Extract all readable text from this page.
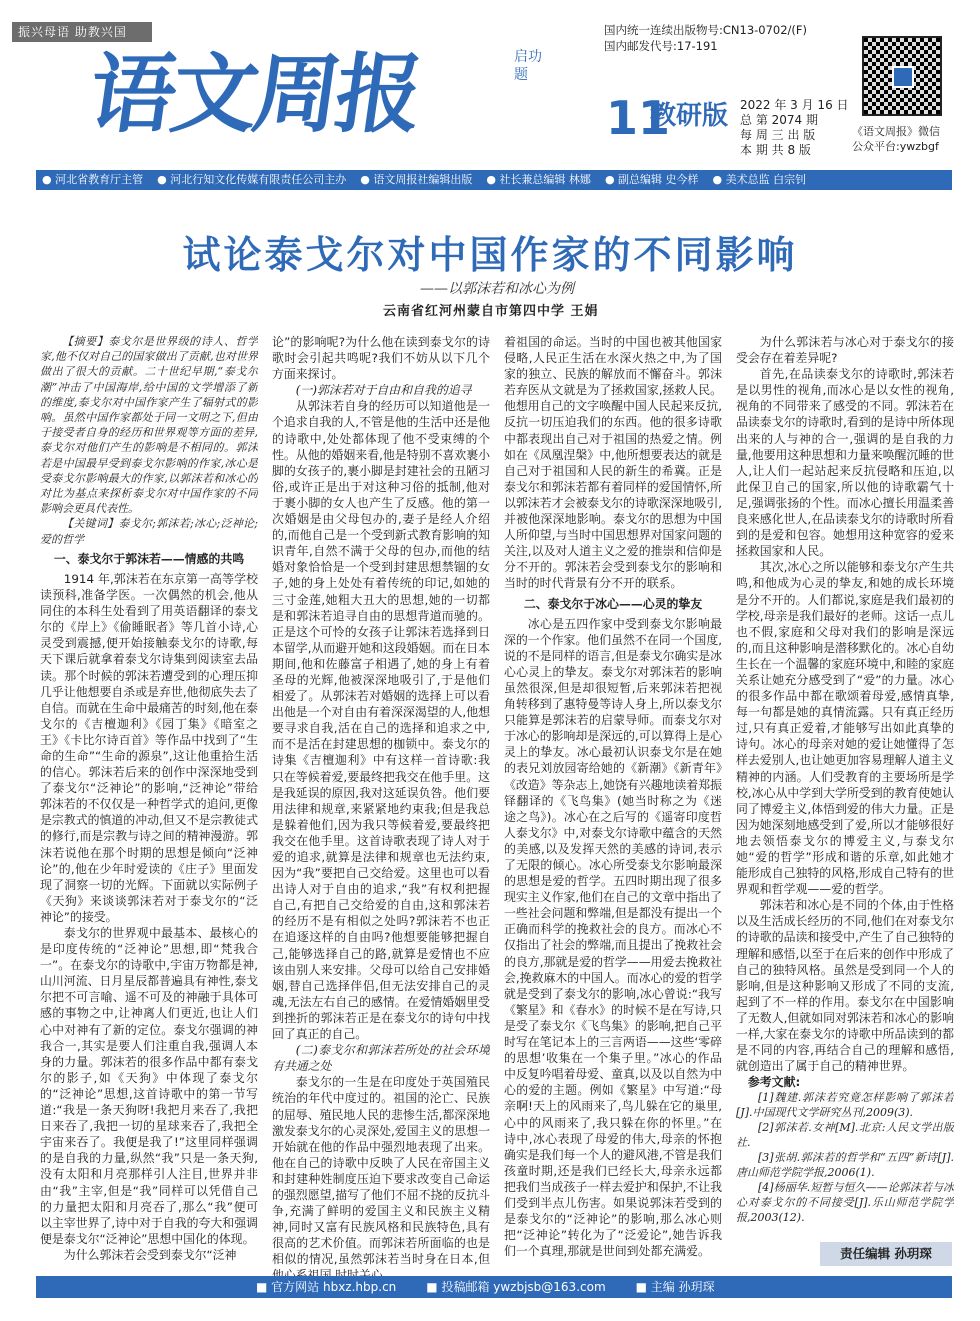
振兴母语 助教兴国
语文周报	启功题
国内统一连续出版物号:CN13-0702/(F)
国内邮发代号:17-191
11
教研版 2022 年 3 月 16 日
总 第 2074 期
每 周 三 出 版
本 期 共 8 版
《语文周报》微信
公众平台:ywzbgf
● 河北省教育厅主管	● 河北行知文化传媒有限责任公司主办	● 语文周报社编辑出版	● 社长兼总编辑 林娜	● 副总编辑 史今样	● 美术总监 白宗钊
试论泰戈尔对中国作家的不同影响
——以郭沫若和冰心为例
云南省红河州蒙自市第四中学 王娟

【摘要】泰戈尔是世界级的诗人、哲学家,他不仅对自己的国家做出了贡献,也对世界做出了很大的贡献。二十世纪早期,“泰戈尔潮”冲击了中国海岸,给中国的文学增添了新的维度,泰戈尔对中国作家产生了辐射式的影响。虽然中国作家都处于同一文明之下,但由于接受者自身的经历和世界观等方面的差异,泰戈尔对他们产生的影响是不相同的。郭沫若是中国最早受到泰戈尔影响的作家,冰心是受泰戈尔影响最大的作家,以郭沫若和冰心的对比为基点来探析泰戈尔对中国作家的不同影响会更具代表性。

【关键词】泰戈尔;郭沫若;冰心;泛神论;爱的哲学

一、泰戈尔于郭沫若——情感的共鸣

1914 年,郭沫若在东京第一高等学校读预科,准备学医。一次偶然的机会,他从同住的本科生处看到了用英语翻译的泰戈尔的《岸上》《偷睡眠者》等几首小诗,心灵受到震撼,便开始接触泰戈尔的诗歌,每天下课后就拿着泰戈尔诗集到阅读室去品读。那个时候的郭沫若遭受到的心理压抑几乎让他想要自杀或是弃世,他彻底失去了自信。而就在生命中最痛苦的时刻,他在泰戈尔的《吉檀迦利》《园丁集》《暗室之王》《卡比尔诗百首》等作品中找到了“生命的生命”“生命的源泉”,这让他重拾生活的信心。郭沫若后来的创作中深深地受到了泰戈尔“泛神论”的影响,“泛神论”带给郭沫若的不仅仅是一种哲学式的追问,更像是宗教式的慎道的冲动,但又不是宗教徒式的修行,而是宗教与诗之间的精神漫游。郭沫若说他在那个时期的思想是倾向“泛神论”的,他在少年时爱读的《庄子》里面发现了洞察一切的光辉。下面就以实际例子《天狗》来谈谈郭沫若对于泰戈尔的“泛神论”的接受。

泰戈尔的世界观中最基本、最核心的是印度传统的“泛神论”思想,即“梵我合一”。在泰戈尔的诗歌中,宇宙万物都是神,山川河流、日月星辰都普遍具有神性,泰戈尔把不可言喻、遥不可及的神融于具体可感的事物之中,让神离人们更近,也让人们心中对神有了新的定位。泰戈尔强调的神我合一,其实是要人们注重自我,强调人本身的力量。郭沫若的很多作品中都有泰戈尔的影子,如《天狗》中体现了泰戈尔的“泛神论”思想,这首诗歌中的第一节写道:“我是一条天狗呀!我把月来吞了,我把日来吞了,我把一切的星球来吞了,我把全宇宙来吞了。我便是我了!”这里同样强调的是自我的力量,纵然“我”只是一条天狗,没有太阳和月亮那样引人注目,世界并非由“我”主宰,但是“我”同样可以凭借自己的力量把太阳和月亮吞了,那么“我”便可以主宰世界了,诗中对于自我的夸大和强调便是泰戈尔“泛神论”思想中国化的体现。

为什么郭沫若会受到泰戈尔“泛神

论”的影响呢?为什么他在读到泰戈尔的诗歌时会引起共鸣呢?我们不妨从以下几个方面来探讨。

(一)郭沫若对于自由和自我的追寻

从郭沫若自身的经历可以知道他是一个追求自我的人,不管是他的生活中还是他的诗歌中,处处都体现了他不受束缚的个性。从他的婚姻来看,他是特别不喜欢裹小脚的女孩子的,裹小脚是封建社会的丑陋习俗,或许正是出于对这种习俗的抵制,他对于裹小脚的女人也产生了反感。他的第一次婚姻是由父母包办的,妻子是经人介绍的,而他自己是一个受到新式教育影响的知识青年,自然不满于父母的包办,而他的结婚对象恰恰是一个受到封建思想禁锢的女子,她的身上处处有着传统的印记,如她的三寸金莲,她粗大丑大的思想,她的一切都是和郭沫若追寻自由的思想背道而驰的。正是这个可怜的女孩子让郭沫若选择到日本留学,从而避开她和这段婚姻。而在日本期间,他和佐藤富子相遇了,她的身上有着圣母的光辉,他被深深地吸引了,于是他们相爱了。从郭沫若对婚姻的选择上可以看出他是一个对自由有着深深渴望的人,他想要寻求自我,活在自己的选择和追求之中,而不是活在封建思想的枷锁中。泰戈尔的诗集《吉檀迦利》中有这样一首诗歌:我只在等候着爱,要最终把我交在他手里。这是我延误的原因,我对这延误负咎。他们要用法律和规章,来紧紧地约束我;但是我总是躲着他们,因为我只等候着爱,要最终把我交在他手里。这首诗歌表现了诗人对于爱的追求,就算是法律和规章也无法约束,因为“我”要把自己交给爱。这里也可以看出诗人对于自由的追求,“我”有权利把握自己,有把自己交给爱的自由,这和郭沫若的经历不是有相似之处吗?郭沫若不也正在追逐这样的自由吗?他想要能够把握自己,能够选择自己的路,就算是爱情也不应该由别人来安排。父母可以给自己安排婚姻,替自己选择伴侣,但无法安排自己的灵魂,无法左右自己的感情。在爱情婚姻里受到挫折的郭沫若正是在泰戈尔的诗句中找回了真正的自己。

(二)泰戈尔和郭沫若所处的社会环境有共通之处

泰戈尔的一生是在印度处于英国殖民统治的年代中度过的。祖国的沦亡、民族的屈辱、殖民地人民的悲惨生活,都深深地激发泰戈尔的心灵深处,爱国主义的思想一开始就在他的作品中强烈地表现了出来。他在自己的诗歌中反映了人民在帝国主义和封建种姓制度压迫下要求改变自己命运的强烈愿望,描写了他们不屈不挠的反抗斗争,充满了鲜明的爱国主义和民族主义精神,同时又富有民族风格和民族特色,具有很高的艺术价值。而郭沫若所面临的也是相似的情况,虽然郭沫若当时身在日本,但

着祖国的命运。当时的中国也被其他国家侵略,人民正生活在水深火热之中,为了国家的独立、民族的解放而不懈奋斗。郭沫若弃医从文就是为了拯救国家,拯救人民。他想用自己的文字唤醒中国人民起来反抗,反抗一切压迫我们的东西。他的很多诗歌中都表现出自己对于祖国的热爱之情。例如在《凤凰涅槃》中,他所想要表达的就是自己对于祖国和人民的新生的希冀。正是泰戈尔和郭沫若都有着同样的爱国情怀,所以郭沫若才会被泰戈尔的诗歌深深地吸引,并被他深深地影响。泰戈尔的思想为中国人所仰望,与当时中国思想界对国家问题的关注,以及对人道主义之爱的推崇和信仰是分不开的。郭沫若会受到泰戈尔的影响和当时的时代背景有分不开的联系。

二、泰戈尔于冰心——心灵的挚友

冰心是五四作家中受到泰戈尔影响最深的一个作家。他们虽然不在同一个国度,说的不是同样的语言,但是泰戈尔确实是冰心心灵上的挚友。泰戈尔对郭沫若的影响虽然很深,但是却很短暂,后来郭沫若把视角转移到了惠特曼等诗人身上,所以泰戈尔只能算是郭沫若的启蒙导师。而泰戈尔对于冰心的影响却是深远的,可以算得上是心灵上的挚友。冰心最初认识泰戈尔是在她的表兄刘放园寄给她的《新潮》《新青年》《改造》等杂志上,她饶有兴趣地读着郑振铎翻译的《飞鸟集》(她当时称之为《迷途之鸟》)。冰心在之后写的《遥寄印度哲人泰戈尔》中,对泰戈尔诗歌中蕴含的天然的美感,以及发挥天然的美感的诗词,表示了无限的倾心。冰心所受泰戈尔影响最深的思想是爱的哲学。五四时期出现了很多现实主义作家,他们在自己的文章中指出了一些社会问题和弊端,但是都没有提出一个正确而科学的挽救社会的良方。而冰心不仅指出了社会的弊端,而且提出了挽救社会的良方,那就是爱的哲学——用爱去挽救社会,挽救麻木的中国人。而冰心的爱的哲学就是受到了泰戈尔的影响,冰心曾说:“我写《繁星》和《春水》的时候不是在写诗,只是受了泰戈尔《飞鸟集》的影响,把自己平时写在笔记本上的三言两语——这些‘零碎的思想’收集在一个集子里。”冰心的作品中反复吟唱着母爱、童真,以及以自然为中心的爱的主题。例如《繁星》中写道:“母亲啊!天上的风雨来了,鸟儿躲在它的巢里,心中的风雨来了,我只躲在你的怀里。”在诗中,冰心表现了母爱的伟大,母亲的怀抱确实是我们每一个人的避风港,不管是我们孩童时期,还是我们已经长大,母亲永远都把我们当成孩子一样去爱护和保护,不让我们受到半点儿伤害。如果说郭沫若受到的是泰戈尔的“泛神论”的影响,那么冰心则把“泛神论”转化为了“泛爱论”,她告诉我们一个真理,那就是世间到处都充满爱。

为什么郭沫若与冰心对于泰戈尔的接受会存在着差异呢?

首先,在品读泰戈尔的诗歌时,郭沫若是以男性的视角,而冰心是以女性的视角,视角的不同带来了感受的不同。郭沫若在品读泰戈尔的诗歌时,看到的是诗中所体现出来的人与神的合一,强调的是自我的力量,他要用这种思想和力量来唤醒沉睡的世人,让人们一起站起来反抗侵略和压迫,以此保卫自己的国家,所以他的诗歌霸气十足,强调张扬的个性。而冰心擅长用温柔善良来感化世人,在品读泰戈尔的诗歌时所看到的是爱和包容。她想用这种宽容的爱来拯救国家和人民。

其次,冰心之所以能够和泰戈尔产生共鸣,和他成为心灵的挚友,和她的成长环境是分不开的。人们都说,家庭是我们最初的学校,母亲是我们最好的老师。这话一点儿也不假,家庭和父母对我们的影响是深远的,而且这种影响是潜移默化的。冰心自幼生长在一个温馨的家庭环境中,和睦的家庭关系让她充分感受到了“爱”的力量。冰心的很多作品中都在歌颂着母爱,感情真挚,每一句都是她的真情流露。只有真正经历过,只有真正爱着,才能够写出如此真挚的诗句。冰心的母亲对她的爱让她懂得了怎样去爱别人,也让她更加容易理解人道主义精神的内涵。人们受教育的主要场所是学校,冰心从中学到大学所受到的教育使她认同了博爱主义,体悟到爱的伟大力量。正是因为她深刻地感受到了爱,所以才能够很好地去领悟泰戈尔的博爱主义,与泰戈尔她“爱的哲学”形成和谐的乐章,如此她才能形成自己独特的风格,形成自己特有的世界观和哲学观——爱的哲学。

郭沫若和冰心是不同的个体,由于性格以及生活成长经历的不同,他们在对泰戈尔的诗歌的品读和接受中,产生了自己独特的理解和感悟,以至于在后来的创作中形成了自己的独特风格。虽然是受到同一个人的影响,但是这种影响又形成了不同的支流,起到了不一样的作用。泰戈尔在中国影响了无数人,但就如同对郭沫若和冰心的影响一样,大家在泰戈尔的诗歌中所品读到的都是不同的内容,再结合自己的理解和感悟,就创造出了属于自己的精神世界。

参考文献:

[1]魏建.郭沫若究竟怎样影响了郭沫若[J].中国现代文学研究丛刊,2009(3).

[2]郭沫若.女神[M].北京:人民文学出版社.

[3]张胡.郭沫若的哲学和“五四”新诗[J].唐山师范学院学报,2006(1).

[4]杨丽华.短暂与恒久——论郭沫若与冰心对泰戈尔的不同接受[J].乐山师范学院学报,2003(12).

责任编辑 孙玥琛
■ 官方网站 hbxz.hbp.cn	■ 投稿邮箱 ywzbjsb@163.com	■ 主编 孙玥琛
